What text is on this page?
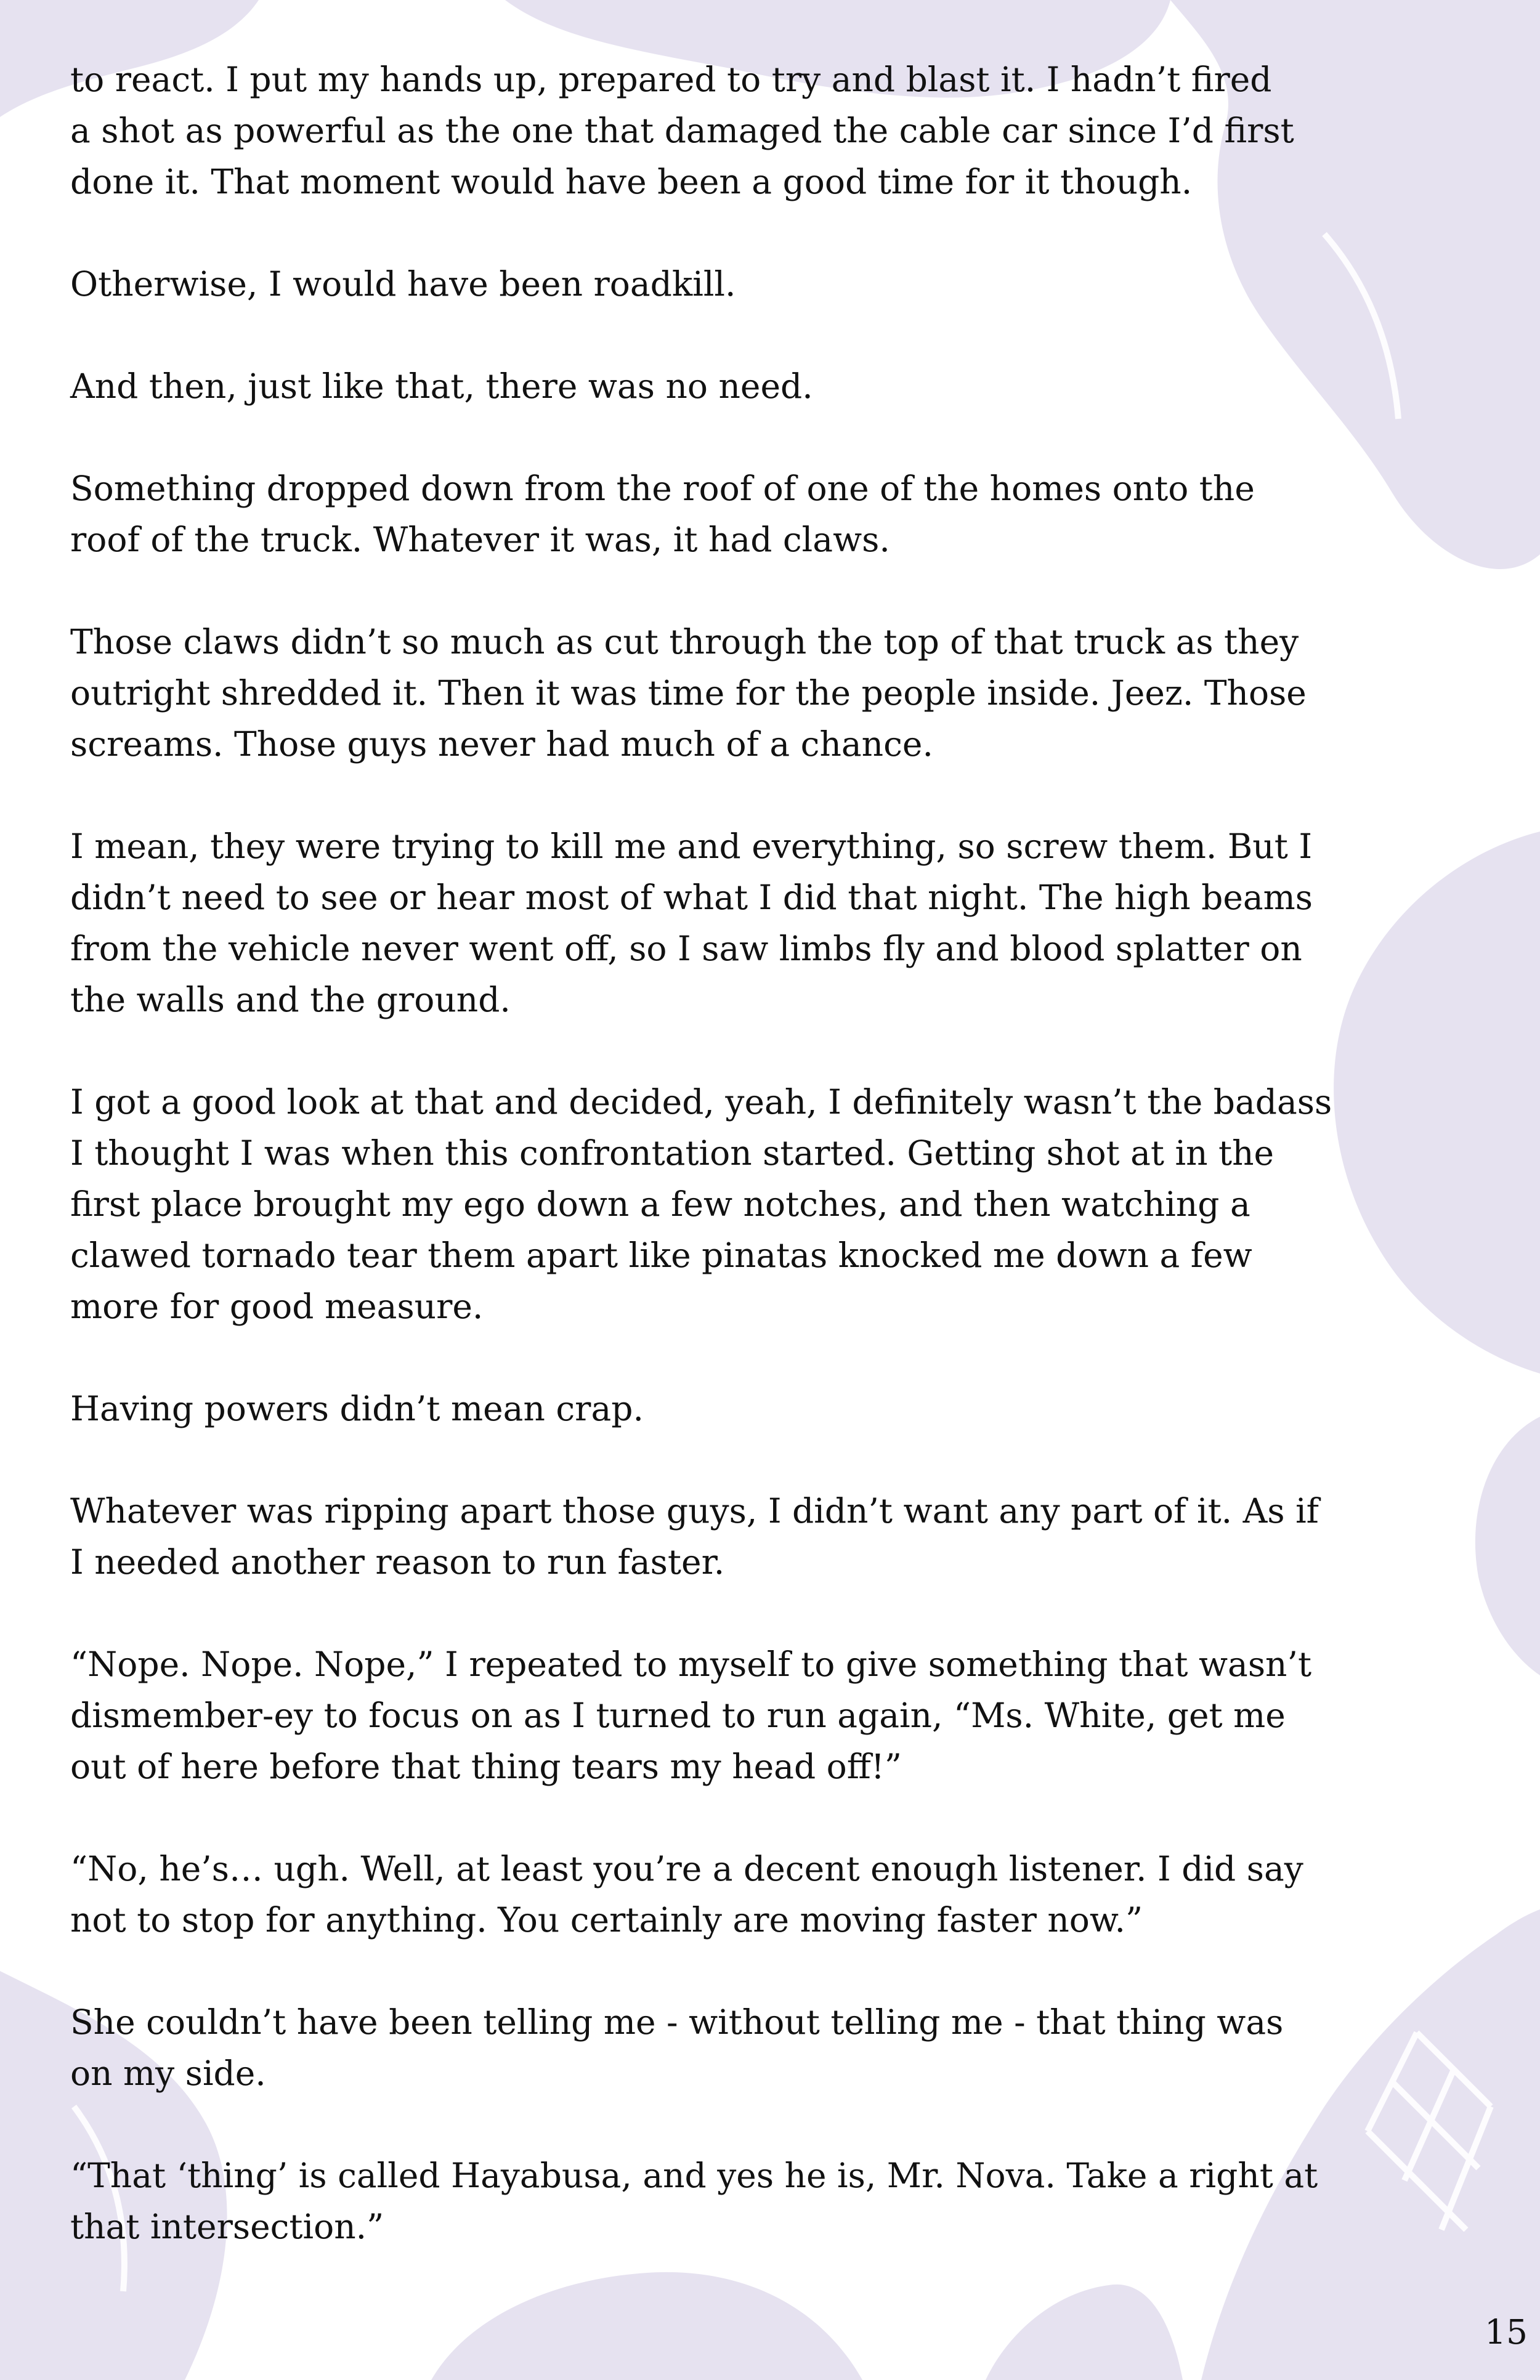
to react. I put my hands up, prepared to try and blast it. I hadn’t fired
a shot as powerful as the one that damaged the cable car since I’d first
done it. That moment would have been a good time for it though.

Otherwise, I would have been roadkill.

And then, just like that, there was no need.

Something dropped down from the roof of one of the homes onto the
roof of the truck. Whatever it was, it had claws.

Those claws didn’t so much as cut through the top of that truck as they
outright shredded it. Then it was time for the people inside. Jeez. Those
screams. Those guys never had much of a chance.

I mean, they were trying to kill me and everything, so screw them. But I
didn’t need to see or hear most of what I did that night. The high beams
from the vehicle never went off, so I saw limbs fly and blood splatter on
the walls and the ground.

I got a good look at that and decided, yeah, I definitely wasn’t the badass
I thought I was when this confrontation started. Getting shot at in the
first place brought my ego down a few notches, and then watching a
clawed tornado tear them apart like pinatas knocked me down a few
more for good measure.

Having powers didn’t mean crap.

Whatever was ripping apart those guys, I didn’t want any part of it. As if
I needed another reason to run faster.

“Nope. Nope. Nope,” I repeated to myself to give something that wasn’t
dismember-ey to focus on as I turned to run again, “Ms. White, get me
out of here before that thing tears my head off!”

“No, he’s… ugh. Well, at least you’re a decent enough listener. I did say
not to stop for anything. You certainly are moving faster now.”

She couldn’t have been telling me - without telling me - that thing was
on my side.

“That ‘thing’ is called Hayabusa, and yes he is, Mr. Nova. Take a right at
that intersection.”

15
